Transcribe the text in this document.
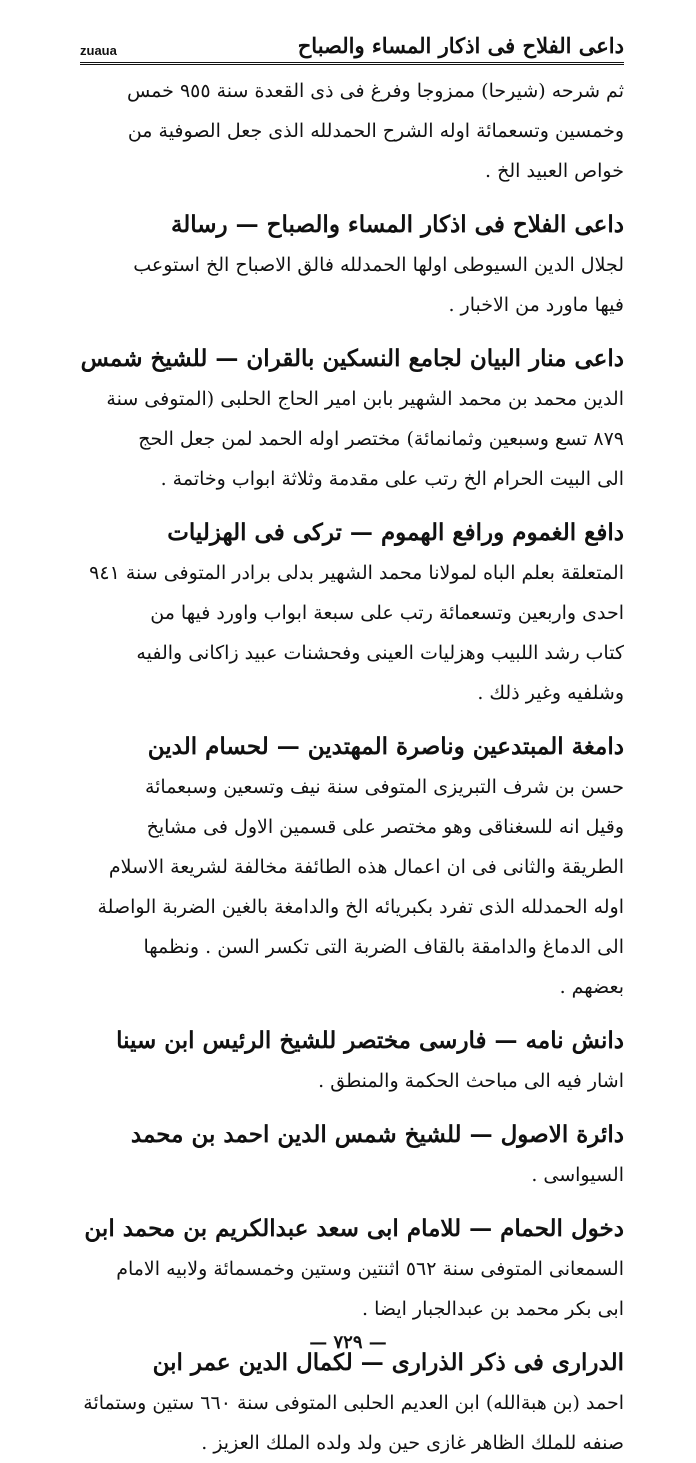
داعى الفلاح فى اذكار المساء والصباح
zuaua
ثم شرحه (شيرحا) ممزوجا وفرغ فى ذى القعدة سنة ٩٥٥ خمس
وخمسين وتسعمائة اوله الشرح الحمدلله الذى جعل الصوفية من
خواص العبيد الخ .
داعى الفلاح فى اذكار المساء والصباح — رسالة
لجلال الدين السيوطى اولها الحمدلله فالق الاصباح الخ استوعب
فيها ماورد من الاخبار .
داعى منار البيان لجامع النسكين بالقران — للشيخ شمس
الدين محمد بن محمد الشهير بابن امير الحاج الحلبى (المتوفى سنة
٨٧٩ تسع وسبعين وثمانمائة) مختصر اوله الحمد لمن جعل الحج
الى البيت الحرام الخ رتب على مقدمة وثلاثة ابواب وخاتمة .
دافع الغموم ورافع الهموم — تركى فى الهزليات
المتعلقة بعلم الباه لمولانا محمد الشهير بدلى برادر المتوفى سنة ٩٤١
احدى واربعين وتسعمائة رتب على سبعة ابواب واورد فيها من
كتاب رشد اللبيب وهزليات العينى وفحشنات عبيد زاكانى والفيه
وشلفيه وغير ذلك .
دامغة المبتدعين وناصرة المهتدين — لحسام الدين
حسن بن شرف التبريزى المتوفى سنة نيف وتسعين وسبعمائة
وقيل انه للسغناقى وهو مختصر على قسمين الاول فى مشايخ
الطريقة والثانى فى ان اعمال هذه الطائفة مخالفة لشريعة الاسلام
اوله الحمدلله الذى تفرد بكبريائه الخ والدامغة بالغين الضربة الواصلة
الى الدماغ والدامقة بالقاف الضربة التى تكسر السن . ونظمها
بعضهم .
دانش نامه — فارسى مختصر للشيخ الرئيس ابن سينا
اشار فيه الى مباحث الحكمة والمنطق .
دائرة الاصول — للشيخ شمس الدين احمد بن محمد
السيواسى .
دخول الحمام — للامام ابى سعد عبدالكريم بن محمد ابن
السمعانى المتوفى سنة ٥٦٢ اثنتين وستين وخمسمائة ولابيه الامام
ابى بكر محمد بن عبدالجبار ايضا .
الدرارى فى ذكر الذرارى — لكمال الدين عمر ابن
احمد (بن هبةالله) ابن العديم الحلبى المتوفى سنة ٦٦٠ ستين وستمائة
صنفه للملك الظاهر غازى حين ولد ولده الملك العزيز .
— ٧٢٩ —
